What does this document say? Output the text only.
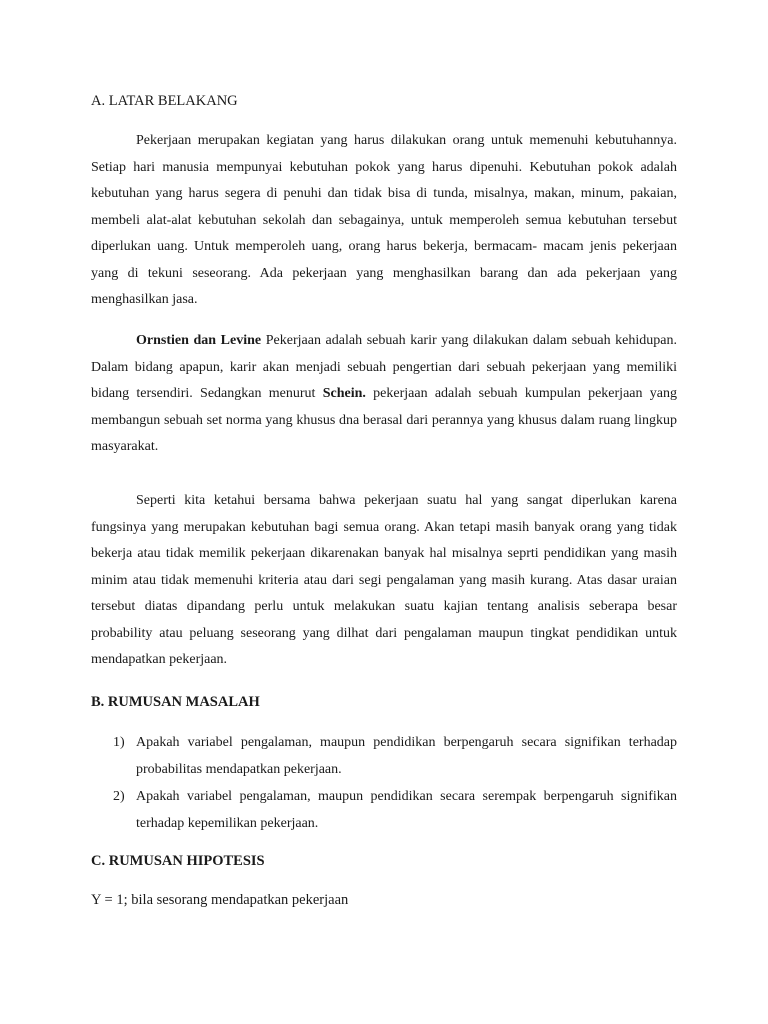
A. LATAR BELAKANG
Pekerjaan merupakan kegiatan yang harus dilakukan orang untuk memenuhi kebutuhannya. Setiap hari manusia mempunyai kebutuhan pokok yang harus dipenuhi. Kebutuhan pokok adalah kebutuhan yang harus segera di penuhi dan tidak bisa di tunda, misalnya, makan, minum, pakaian, membeli alat-alat kebutuhan sekolah dan sebagainya, untuk memperoleh semua kebutuhan tersebut diperlukan uang. Untuk memperoleh uang, orang harus bekerja, bermacam- macam jenis pekerjaan yang di tekuni seseorang. Ada pekerjaan yang menghasilkan barang dan ada pekerjaan yang menghasilkan jasa.
Ornstien dan Levine Pekerjaan adalah sebuah karir yang dilakukan dalam sebuah kehidupan. Dalam bidang apapun, karir akan menjadi sebuah pengertian dari sebuah pekerjaan yang memiliki bidang tersendiri. Sedangkan menurut Schein. pekerjaan adalah sebuah kumpulan pekerjaan yang membangun sebuah set norma yang khusus dna berasal dari perannya yang khusus dalam ruang lingkup masyarakat.
Seperti kita ketahui bersama bahwa pekerjaan suatu hal yang sangat diperlukan karena fungsinya yang merupakan kebutuhan bagi semua orang. Akan tetapi masih banyak orang yang tidak bekerja atau tidak memilik pekerjaan dikarenakan banyak hal misalnya seprti pendidikan yang masih minim atau tidak memenuhi kriteria atau dari segi pengalaman yang masih kurang. Atas dasar uraian tersebut diatas dipandang perlu untuk melakukan suatu kajian tentang analisis seberapa besar probability atau peluang seseorang yang dilhat dari pengalaman maupun tingkat pendidikan untuk mendapatkan pekerjaan.
B. RUMUSAN MASALAH
1) Apakah variabel pengalaman, maupun pendidikan berpengaruh secara signifikan terhadap probabilitas mendapatkan pekerjaan.
2) Apakah variabel pengalaman, maupun pendidikan secara serempak berpengaruh signifikan terhadap kepemilikan pekerjaan.
C. RUMUSAN HIPOTESIS
Y = 1; bila sesorang mendapatkan pekerjaan
